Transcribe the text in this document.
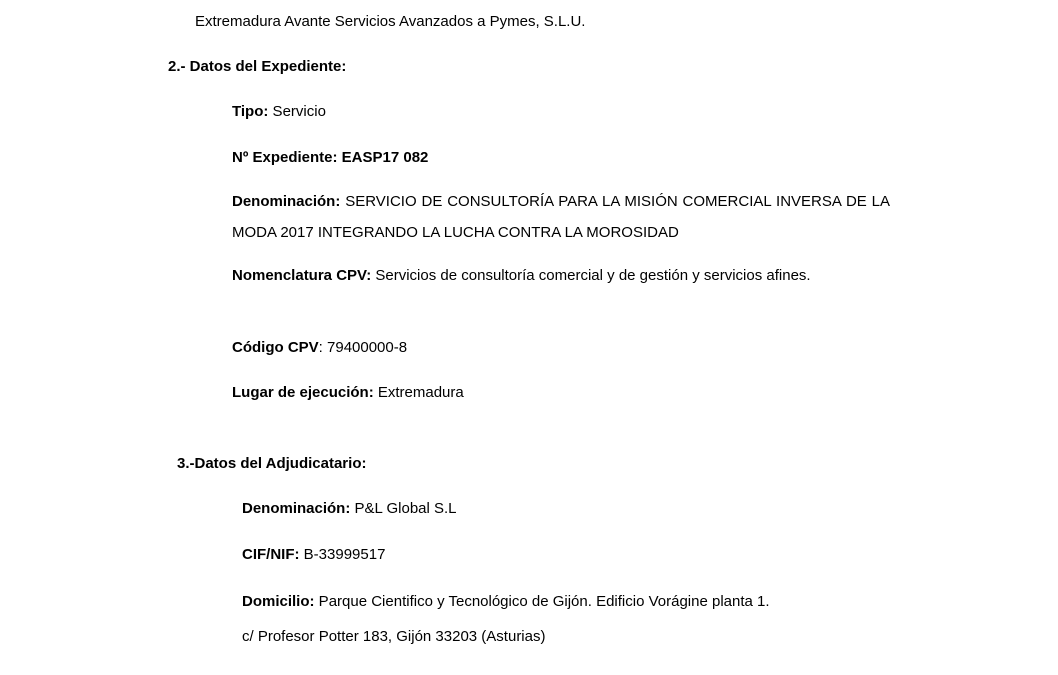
Extremadura Avante Servicios Avanzados a Pymes, S.L.U.
2.- Datos del Expediente:
Tipo: Servicio
Nº Expediente: EASP17 082
Denominación: SERVICIO DE CONSULTORÍA PARA LA MISIÓN COMERCIAL INVERSA DE LA MODA 2017 INTEGRANDO LA LUCHA CONTRA LA MOROSIDAD
Nomenclatura CPV: Servicios de consultoría comercial y de gestión y servicios afines.
Código CPV: 79400000-8
Lugar de ejecución: Extremadura
3.-Datos del Adjudicatario:
Denominación: P&L Global S.L
CIF/NIF: B-33999517
Domicilio: Parque Cientifico y Tecnológico de Gijón. Edificio Vorágine planta 1.
c/ Profesor Potter 183, Gijón 33203 (Asturias)
